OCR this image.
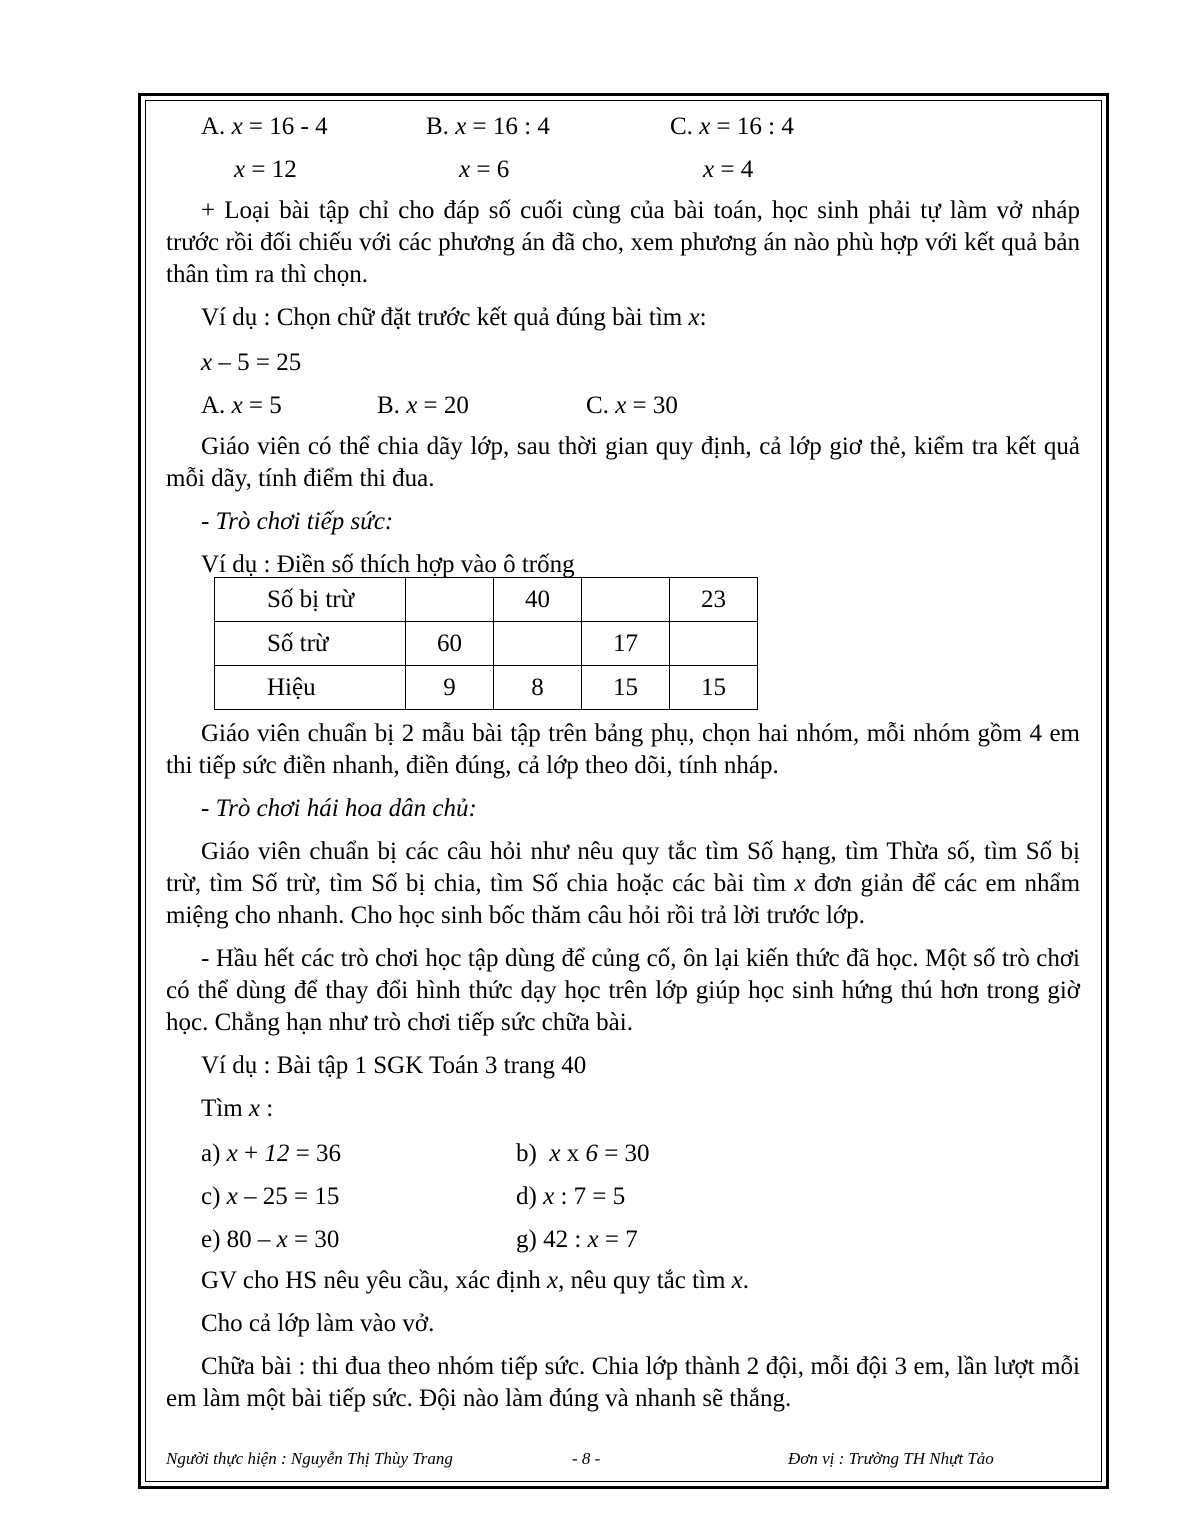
A. x = 16 - 4	B. x = 16 : 4	C. x = 16 : 4
x = 12	x = 6	x = 4

+ Loại bài tập chỉ cho đáp số cuối cùng của bài toán, học sinh phải tự làm vở nháp trước rồi đối chiếu với các phương án đã cho, xem phương án nào phù hợp với kết quả bản thân tìm ra thì chọn.

Ví dụ : Chọn chữ đặt trước kết quả đúng bài tìm x:

x – 5 = 25
A. x = 5	B. x = 20	C. x = 30

Giáo viên có thể chia dãy lớp, sau thời gian quy định, cả lớp giơ thẻ, kiểm tra kết quả mỗi dãy, tính điểm thi đua.

- Trò chơi tiếp sức:

Ví dụ : Điền số thích hợp vào ô trống

Số bị trừ		40		23
Số trừ	60		17	
Hiệu	9	8	15	15

Giáo viên chuẩn bị 2 mẫu bài tập trên bảng phụ, chọn hai nhóm, mỗi nhóm gồm 4 em thi tiếp sức điền nhanh, điền đúng, cả lớp theo dõi, tính nháp.

- Trò chơi hái hoa dân chủ:

Giáo viên chuẩn bị các câu hỏi như nêu quy tắc tìm Số hạng, tìm Thừa số, tìm Số bị trừ, tìm Số trừ, tìm Số bị chia, tìm Số chia hoặc các bài tìm x đơn giản để các em nhẩm miệng cho nhanh. Cho học sinh bốc thăm câu hỏi rồi trả lời trước lớp.

- Hầu hết các trò chơi học tập dùng để củng cố, ôn lại kiến thức đã học. Một số trò chơi có thể dùng để thay đổi hình thức dạy học trên lớp giúp học sinh hứng thú hơn trong giờ học. Chẳng hạn như trò chơi tiếp sức chữa bài.

Ví dụ : Bài tập 1 SGK Toán 3 trang 40

Tìm x :

a) x + 12 = 36	b) x x 6 = 30
c) x – 25 = 15	d) x : 7 = 5
e) 80 – x = 30	g) 42 : x = 7

GV cho HS nêu yêu cầu, xác định x, nêu quy tắc tìm x.

Cho cả lớp làm vào vở.

Chữa bài : thi đua theo nhóm tiếp sức. Chia lớp thành 2 đội, mỗi đội 3 em, lần lượt mỗi em làm một bài tiếp sức. Đội nào làm đúng và nhanh sẽ thắng.

Người thực hiện : Nguyễn Thị Thùy Trang	- 8 -	Đơn vị : Trường TH Nhựt Tảo
